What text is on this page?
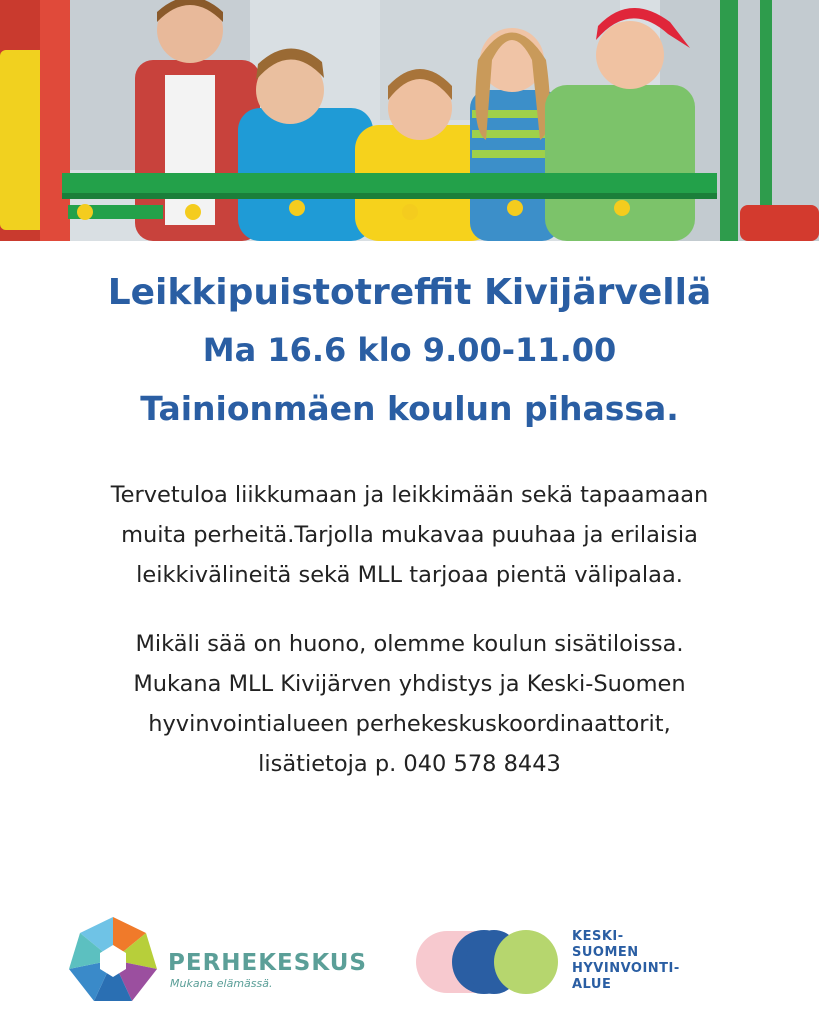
Leikkipuistotreffit Kivijärvellä
Ma 16.6 klo 9.00-11.00
Tainionmäen koulun pihassa.
Tervetuloa liikkumaan ja leikkimään sekä tapaamaan
muita perheitä.Tarjolla mukavaa puuhaa ja erilaisia
leikkivälineitä sekä MLL tarjoaa pientä välipalaa.
Mikäli sää on huono, olemme koulun sisätiloissa.
Mukana MLL Kivijärven yhdistys ja Keski-Suomen
hyvinvointialueen perhekeskuskoordinaattorit,
lisätietoja p. 040 578 8443
PERHEKESKUS
Mukana elämässä.
KESKI-
SUOMEN
HYVINVOINTI-
ALUE
